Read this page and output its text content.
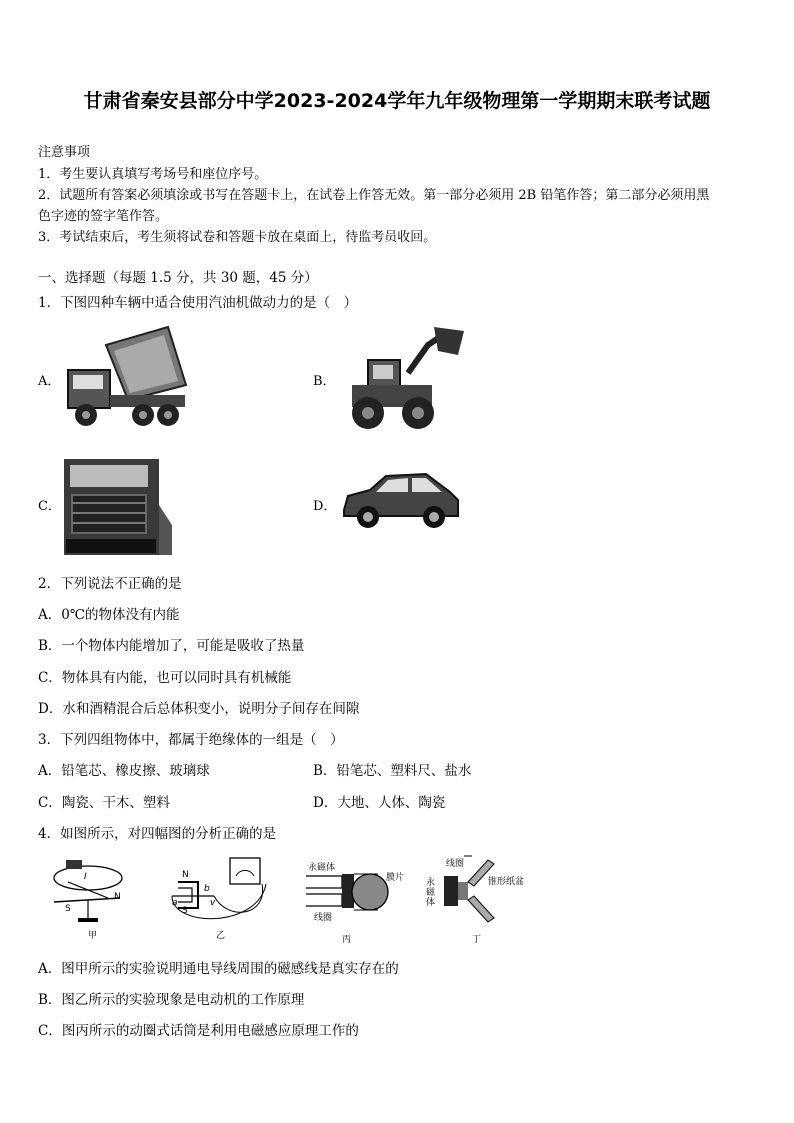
甘肃省秦安县部分中学2023-2024学年九年级物理第一学期期末联考试题
注意事项
1．考生要认真填写考场号和座位序号。
2．试题所有答案必须填涂或书写在答题卡上，在试卷上作答无效。第一部分必须用 2B 铅笔作答；第二部分必须用黑
色字迹的签字笔作答。
3．考试结束后，考生须将试卷和答题卡放在桌面上，待监考员收回。
一、选择题（每题 1.5 分，共 30 题，45 分）
1．下图四种车辆中适合使用汽油机做动力的是（　）
A．	B．
C．	D．
2．下列说法不正确的是
A．0℃的物体没有内能
B．一个物体内能增加了，可能是吸收了热量
C．物体具有内能，也可以同时具有机械能
D．水和酒精混合后总体积变小，说明分子间存在间隙
3．下列四组物体中，都属于绝缘体的一组是（　）
A．铅笔芯、橡皮擦、玻璃球	B．铅笔芯、塑料尺、盐水
C．陶瓷、干木、塑料	D．大地、人体、陶瓷
4．如图所示，对四幅图的分析正确的是
S
N
I
甲
N
S
a
b
v
乙
永磁体
膜片
线圈
丙
线圈
永磁体
锥形纸盆
丁
A．图甲所示的实验说明通电导线周围的磁感线是真实存在的
B．图乙所示的实验现象是电动机的工作原理
C．图丙所示的动圈式话筒是利用电磁感应原理工作的
